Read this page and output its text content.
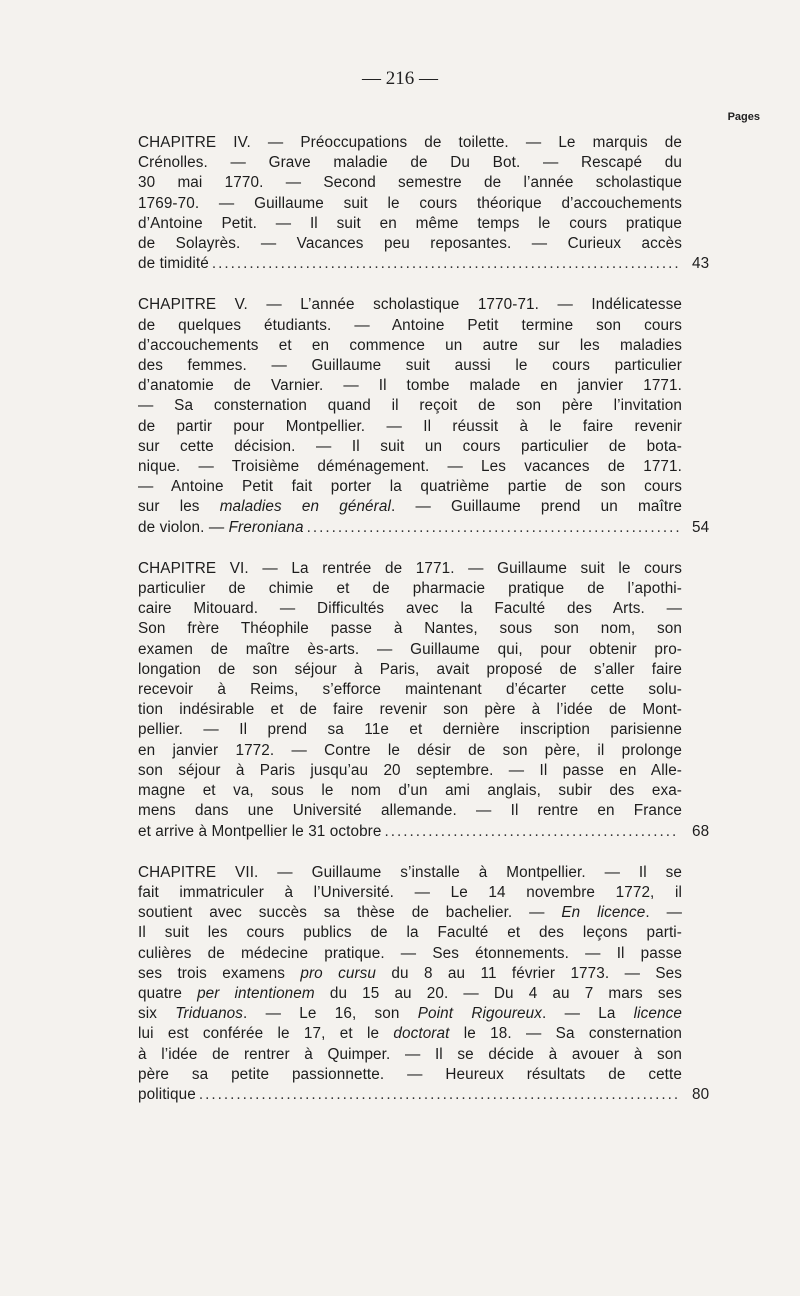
— 216 —
Pages
CHAPITRE IV. — Préoccupations de toilette. — Le marquis de
Crénolles. — Grave maladie de Du Bot. — Rescapé du
30 mai 1770. — Second semestre de l’année scholastique
1769-70. — Guillaume suit le cours théorique d’accouchements
d’Antoine Petit. — Il suit en même temps le cours pratique
de Solayrès. — Vacances peu reposantes. — Curieux accès
de timidité .....	43
CHAPITRE V. — L’année scholastique 1770-71. — Indélicatesse
de quelques étudiants. — Antoine Petit termine son cours
d’accouchements et en commence un autre sur les maladies
des femmes. — Guillaume suit aussi le cours particulier
d’anatomie de Varnier. — Il tombe malade en janvier 1771.
— Sa consternation quand il reçoit de son père l’invitation
de partir pour Montpellier. — Il réussit à le faire revenir
sur cette décision. — Il suit un cours particulier de bota-
nique. — Troisième déménagement. — Les vacances de 1771.
— Antoine Petit fait porter la quatrième partie de son cours
sur les maladies en général. — Guillaume prend un maître
de violon. — Freroniana .....	54
CHAPITRE VI. — La rentrée de 1771. — Guillaume suit le cours
particulier de chimie et de pharmacie pratique de l’apothi-
caire Mitouard. — Difficultés avec la Faculté des Arts. —
Son frère Théophile passe à Nantes, sous son nom, son
examen de maître ès-arts. — Guillaume qui, pour obtenir pro-
longation de son séjour à Paris, avait proposé de s’aller faire
recevoir à Reims, s’efforce maintenant d’écarter cette solu-
tion indésirable et de faire revenir son père à l’idée de Mont-
pellier. — Il prend sa 11e et dernière inscription parisienne
en janvier 1772. — Contre le désir de son père, il prolonge
son séjour à Paris jusqu’au 20 septembre. — Il passe en Alle-
magne et va, sous le nom d’un ami anglais, subir des exa-
mens dans une Université allemande. — Il rentre en France
et arrive à Montpellier le 31 octobre .....	68
CHAPITRE VII. — Guillaume s’installe à Montpellier. — Il se
fait immatriculer à l’Université. — Le 14 novembre 1772, il
soutient avec succès sa thèse de bachelier. — En licence. —
Il suit les cours publics de la Faculté et des leçons parti-
culières de médecine pratique. — Ses étonnements. — Il passe
ses trois examens pro cursu du 8 au 11 février 1773. — Ses
quatre per intentionem du 15 au 20. — Du 4 au 7 mars ses
six Triduanos. — Le 16, son Point Rigoureux. — La licence
lui est conférée le 17, et le doctorat le 18. — Sa consternation
à l’idée de rentrer à Quimper. — Il se décide à avouer à son
père sa petite passionnette. — Heureux résultats de cette
politique .....	80
